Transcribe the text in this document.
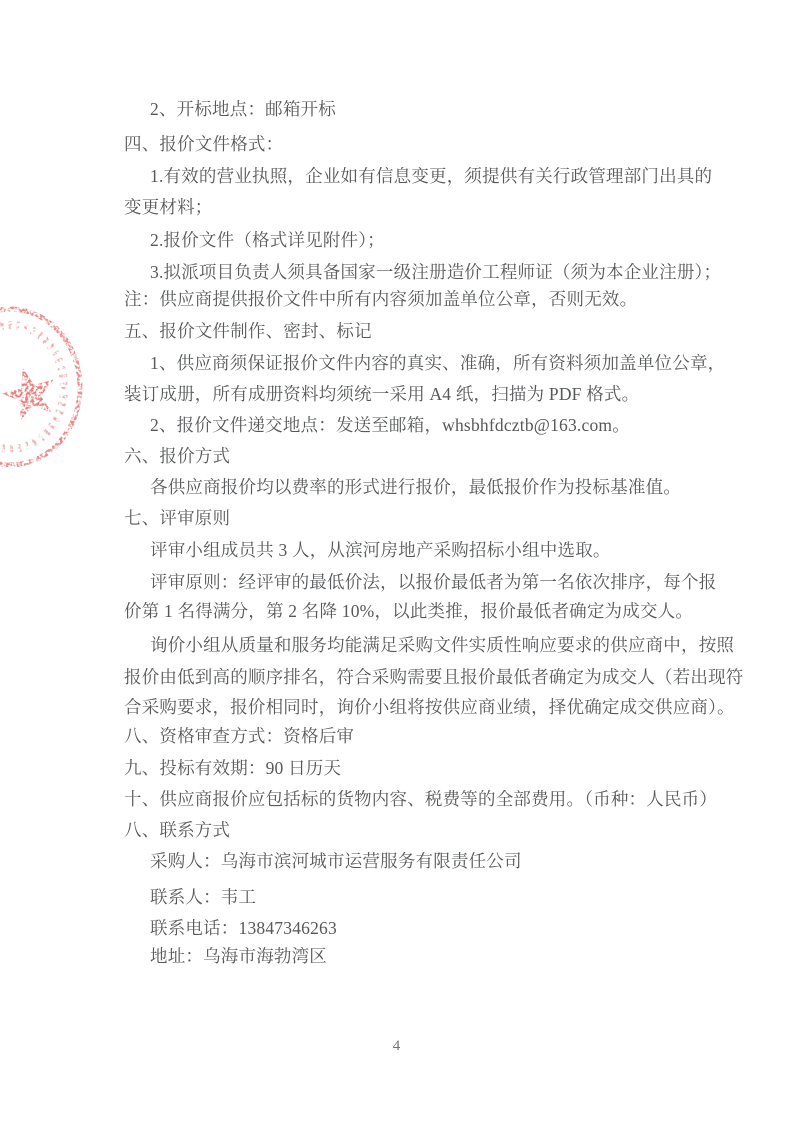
2、开标地点：邮箱开标
四、报价文件格式：
1.有效的营业执照，企业如有信息变更，须提供有关行政管理部门出具的
变更材料；
2.报价文件（格式详见附件）；
3.拟派项目负责人须具备国家一级注册造价工程师证（须为本企业注册）；
注：供应商提供报价文件中所有内容须加盖单位公章，否则无效。
五、报价文件制作、密封、标记
1、供应商须保证报价文件内容的真实、准确，所有资料须加盖单位公章，
装订成册，所有成册资料均须统一采用 A4 纸，扫描为 PDF 格式。
2、报价文件递交地点：发送至邮箱，whsbhfdcztb@163.com。
六、报价方式
各供应商报价均以费率的形式进行报价，最低报价作为投标基准值。
七、评审原则
评审小组成员共 3 人，从滨河房地产采购招标小组中选取。
评审原则：经评审的最低价法，以报价最低者为第一名依次排序，每个报
价第 1 名得满分，第 2 名降 10%，以此类推，报价最低者确定为成交人。
询价小组从质量和服务均能满足采购文件实质性响应要求的供应商中，按照
报价由低到高的顺序排名，符合采购需要且报价最低者确定为成交人（若出现符
合采购要求，报价相同时，询价小组将按供应商业绩，择优确定成交供应商）。
八、资格审查方式：资格后审
九、投标有效期：90 日历天
十、供应商报价应包括标的货物内容、税费等的全部费用。（币种：人民币）
八、联系方式
采购人：乌海市滨河城市运营服务有限责任公司
联系人：韦工
联系电话：13847346263
地址：乌海市海勃湾区
4
